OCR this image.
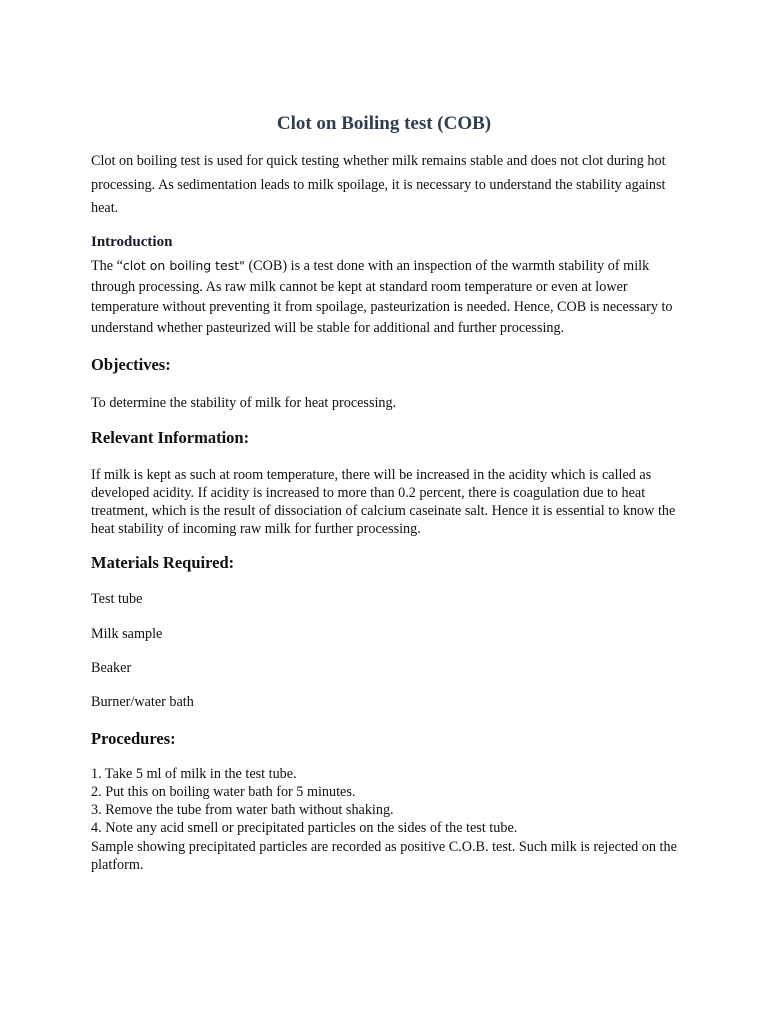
Clot on Boiling test (COB)

Clot on boiling test is used for quick testing whether milk remains stable and does not clot during hot processing. As sedimentation leads to milk spoilage, it is necessary to understand the stability against heat.

Introduction

The “clot on boiling test" (COB) is a test done with an inspection of the warmth stability of milk through processing. As raw milk cannot be kept at standard room temperature or even at lower temperature without preventing it from spoilage, pasteurization is needed. Hence, COB is necessary to understand whether pasteurized will be stable for additional and further processing.

Objectives:

To determine the stability of milk for heat processing.

Relevant Information:

If milk is kept as such at room temperature, there will be increased in the acidity which is called as developed acidity. If acidity is increased to more than 0.2 percent, there is coagulation due to heat treatment, which is the result of dissociation of calcium caseinate salt. Hence it is essential to know the heat stability of incoming raw milk for further processing.

Materials Required:
Test tube
Milk sample
Beaker
Burner/water bath
Procedures:
1. Take 5 ml of milk in the test tube.
2. Put this on boiling water bath for 5 minutes.
3. Remove the tube from water bath without shaking.
4. Note any acid smell or precipitated particles on the sides of the test tube.

Sample showing precipitated particles are recorded as positive C.O.B. test. Such milk is rejected on the platform.
